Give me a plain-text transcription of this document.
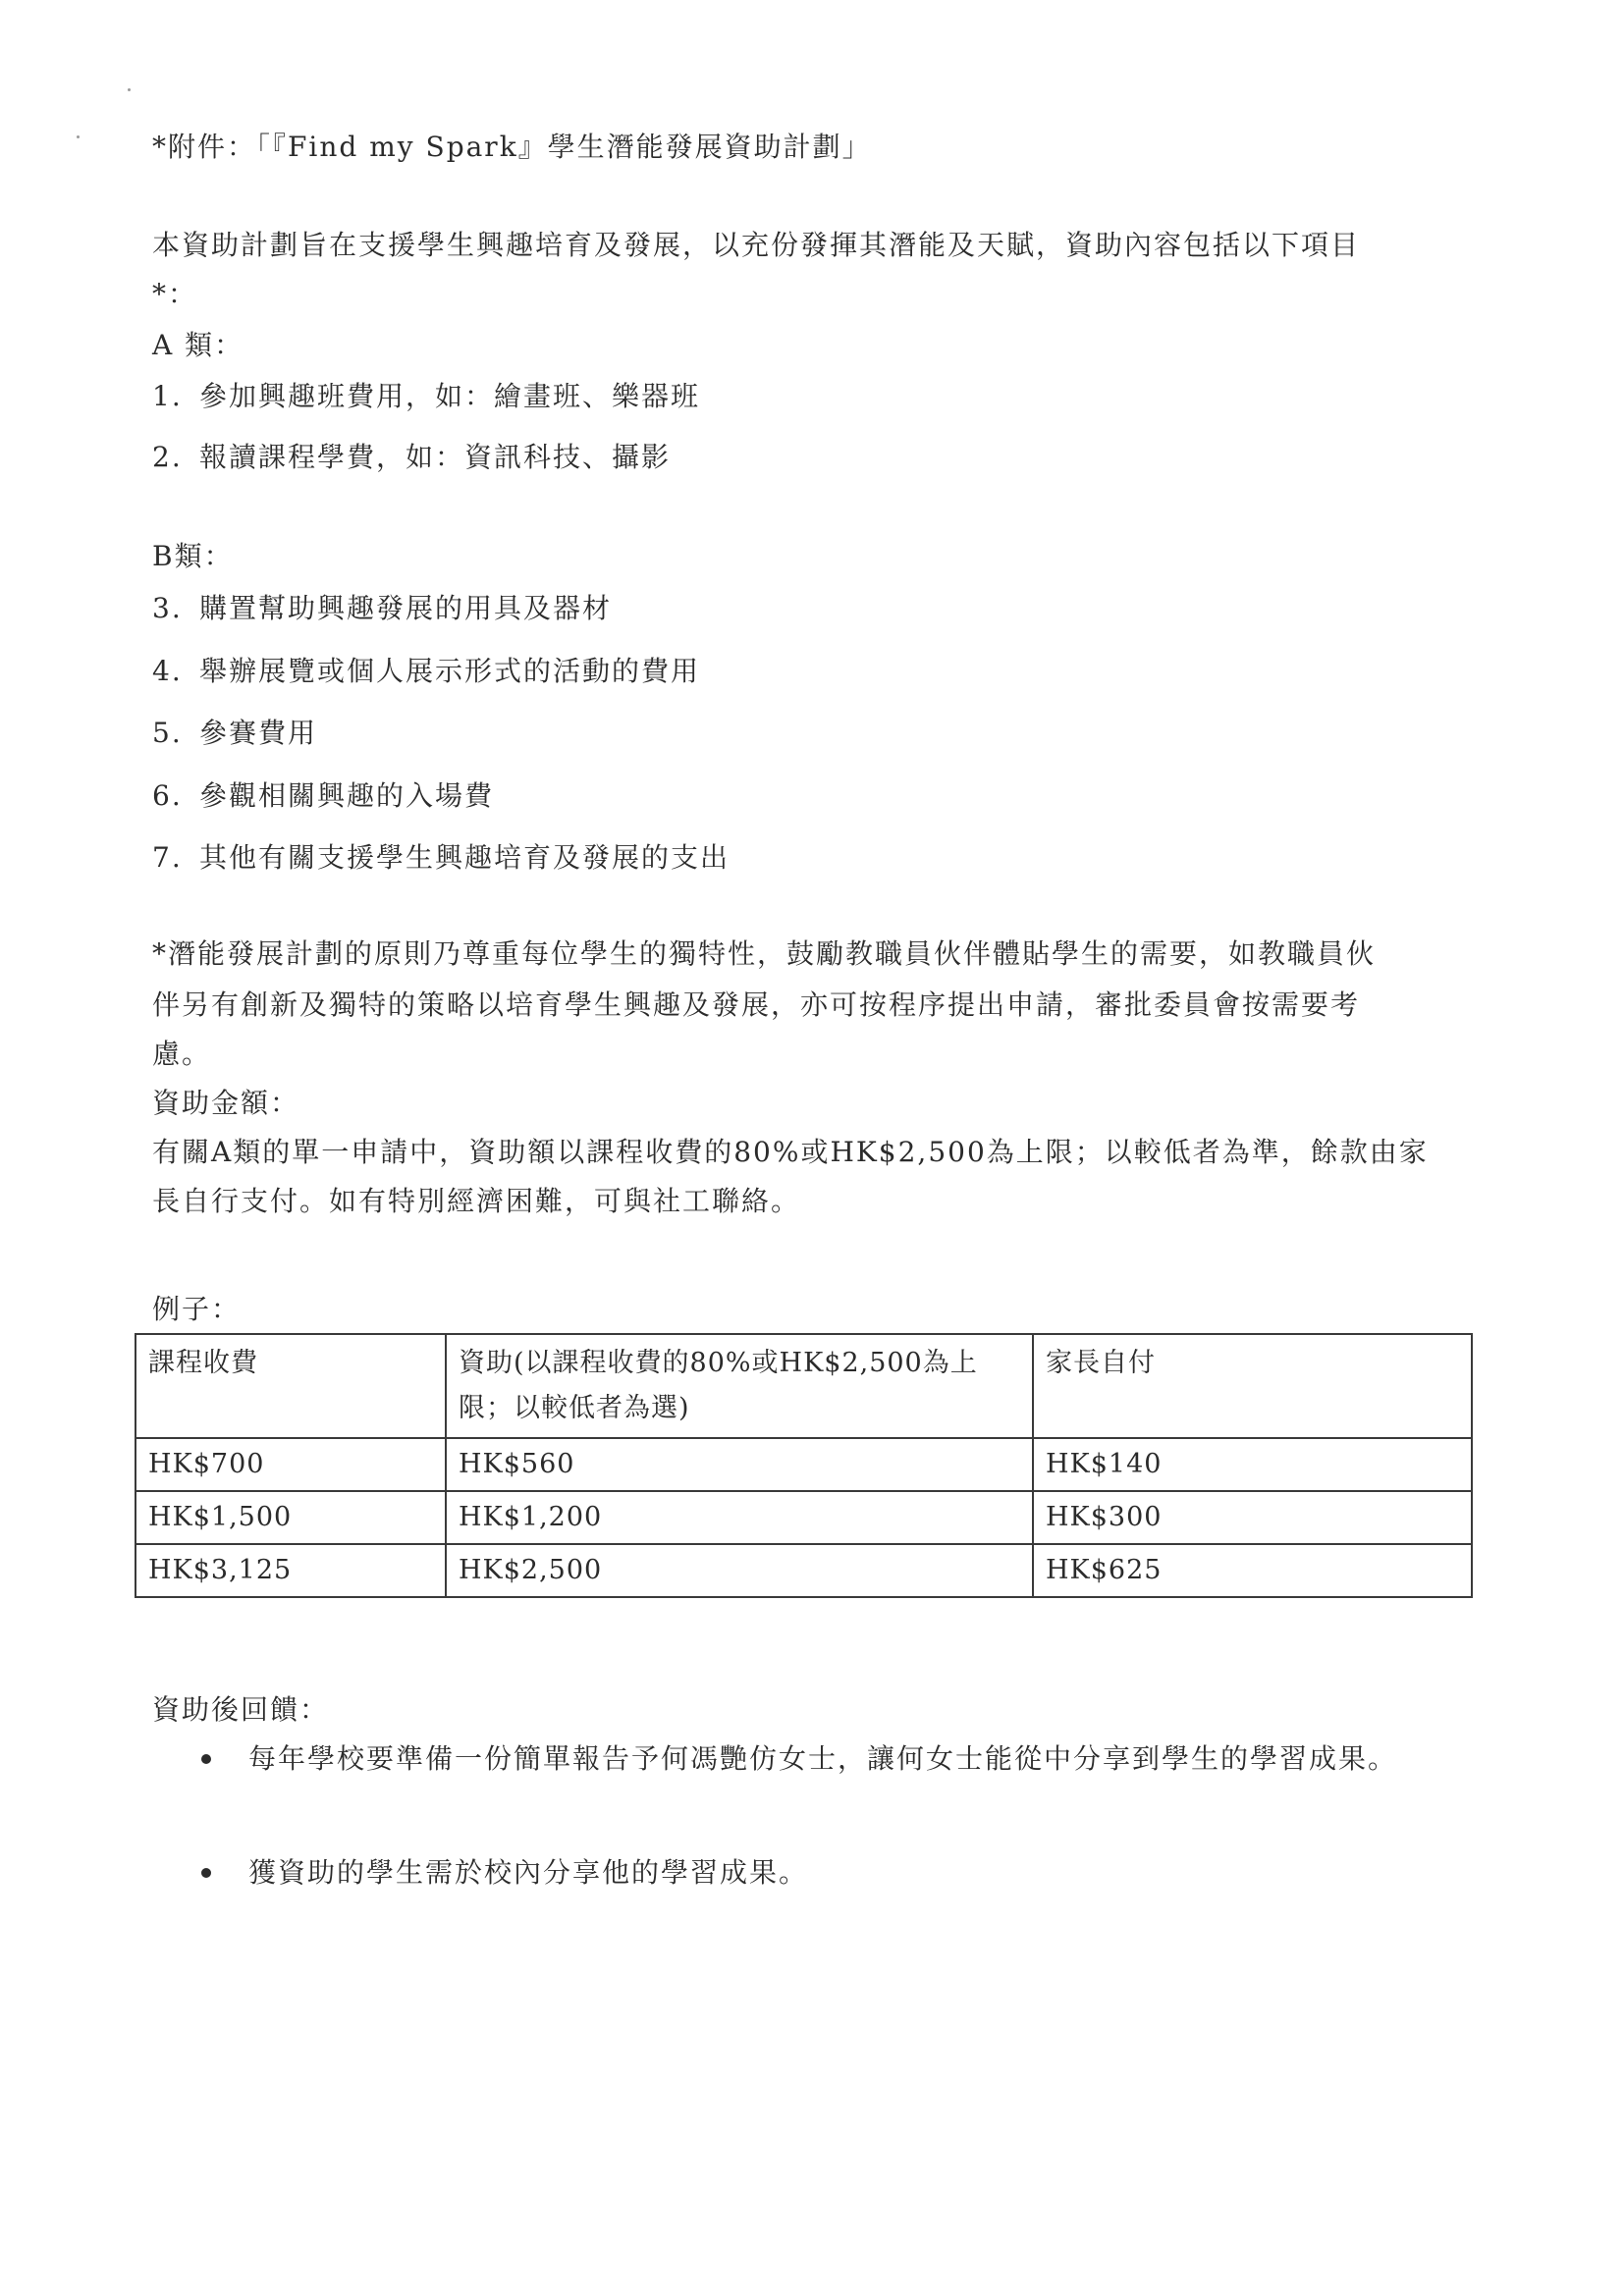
*附件：「『Find my Spark』學生潛能發展資助計劃」
本資助計劃旨在支援學生興趣培育及發展，以充份發揮其潛能及天賦，資助內容包括以下項目
*：
A 類：
1. 參加興趣班費用，如：繪畫班、樂器班
2. 報讀課程學費，如：資訊科技、攝影
B類：
3. 購置幫助興趣發展的用具及器材
4. 舉辦展覽或個人展示形式的活動的費用
5. 參賽費用
6. 參觀相關興趣的入場費
7. 其他有關支援學生興趣培育及發展的支出
*潛能發展計劃的原則乃尊重每位學生的獨特性，鼓勵教職員伙伴體貼學生的需要，如教職員伙
伴另有創新及獨特的策略以培育學生興趣及發展，亦可按程序提出申請，審批委員會按需要考
慮。
資助金額：
有關A類的單一申請中，資助額以課程收費的80%或HK$2,500為上限；以較低者為準，餘款由家
長自行支付。如有特別經濟困難，可與社工聯絡。
例子：
課程收費	資助(以課程收費的80%或HK$2,500為上
限；以較低者為選)	家長自付
HK$700	HK$560	HK$140
HK$1,500	HK$1,200	HK$300
HK$3,125	HK$2,500	HK$625
資助後回饋：
每年學校要準備一份簡單報告予何馮艷仿女士，讓何女士能從中分享到學生的學習成果。
獲資助的學生需於校內分享他的學習成果。
